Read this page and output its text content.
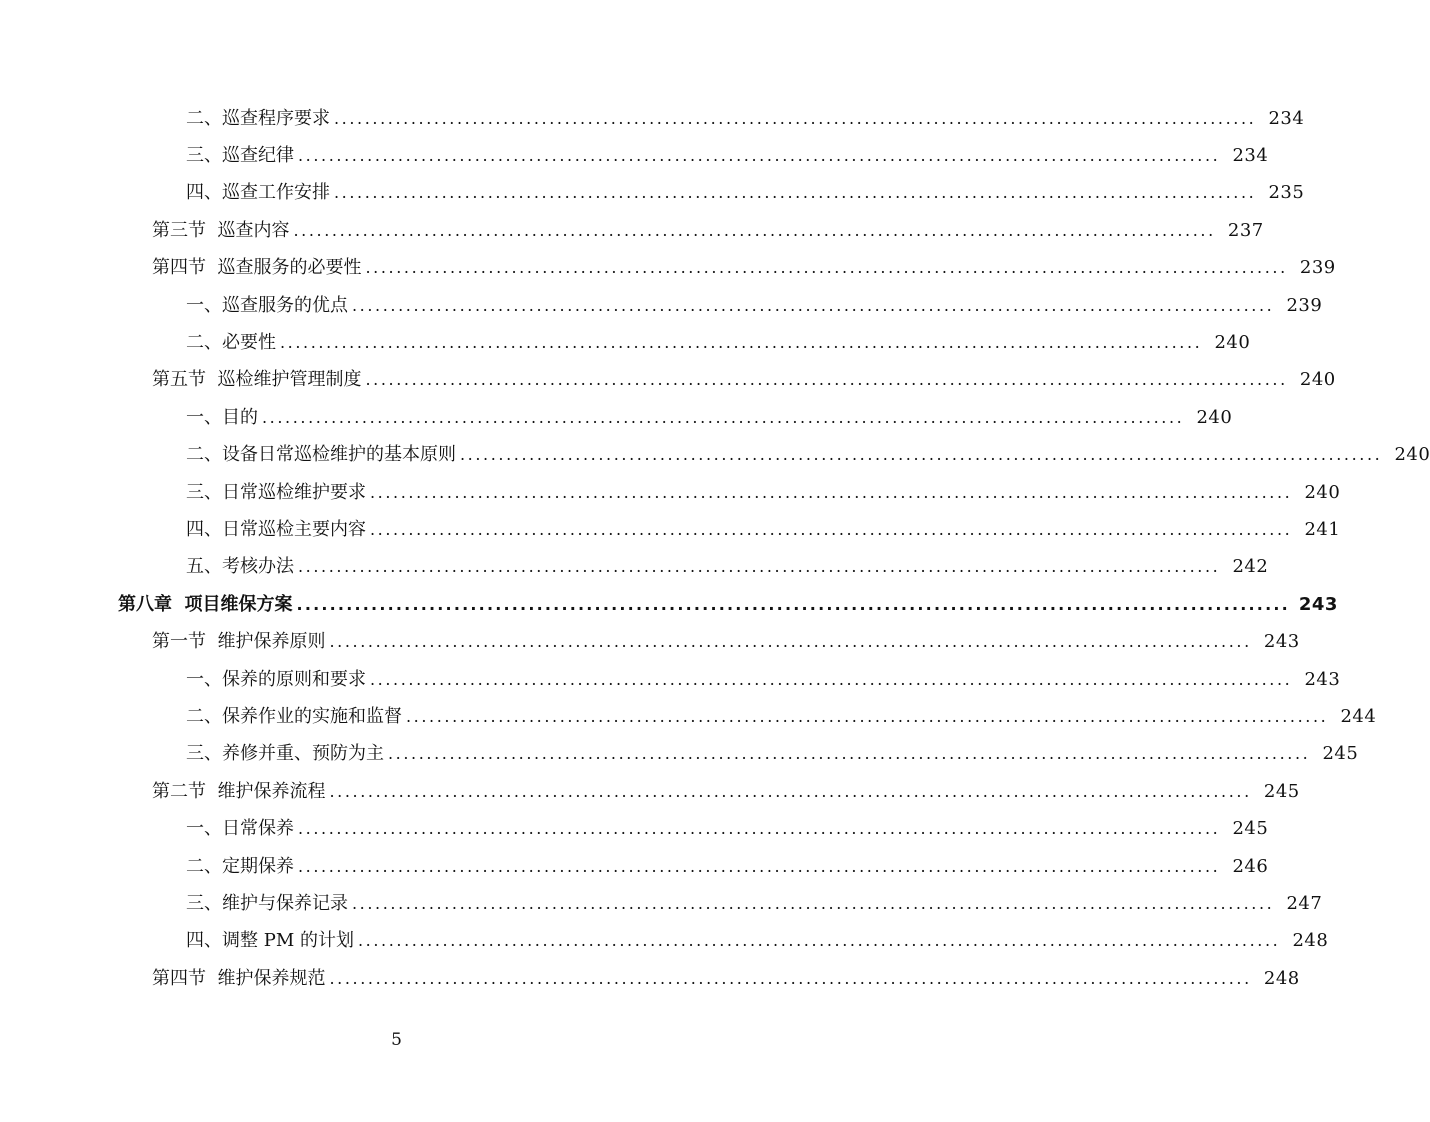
二、巡查程序要求 ........................................................................................................................ 234
三、巡查纪律 ........................................................................................................................ 234
四、巡查工作安排 ........................................................................................................................ 235
第三节  巡查内容 ........................................................................................................................ 237
第四节  巡查服务的必要性 ........................................................................................................................ 239
一、巡查服务的优点 ........................................................................................................................ 239
二、必要性 ........................................................................................................................ 240
第五节  巡检维护管理制度 ........................................................................................................................ 240
一、目的 ........................................................................................................................ 240
二、设备日常巡检维护的基本原则 ........................................................................................................................ 240
三、日常巡检维护要求 ........................................................................................................................ 240
四、日常巡检主要内容 ........................................................................................................................ 241
五、考核办法 ........................................................................................................................ 242
第八章  项目维保方案 ........................................................................................................................ 243
第一节  维护保养原则 ........................................................................................................................ 243
一、保养的原则和要求 ........................................................................................................................ 243
二、保养作业的实施和监督 ........................................................................................................................ 244
三、养修并重、预防为主 ........................................................................................................................ 245
第二节  维护保养流程 ........................................................................................................................ 245
一、日常保养 ........................................................................................................................ 245
二、定期保养 ........................................................................................................................ 246
三、维护与保养记录 ........................................................................................................................ 247
四、调整 PM 的计划 ........................................................................................................................ 248
第四节  维护保养规范 ........................................................................................................................ 248
5
